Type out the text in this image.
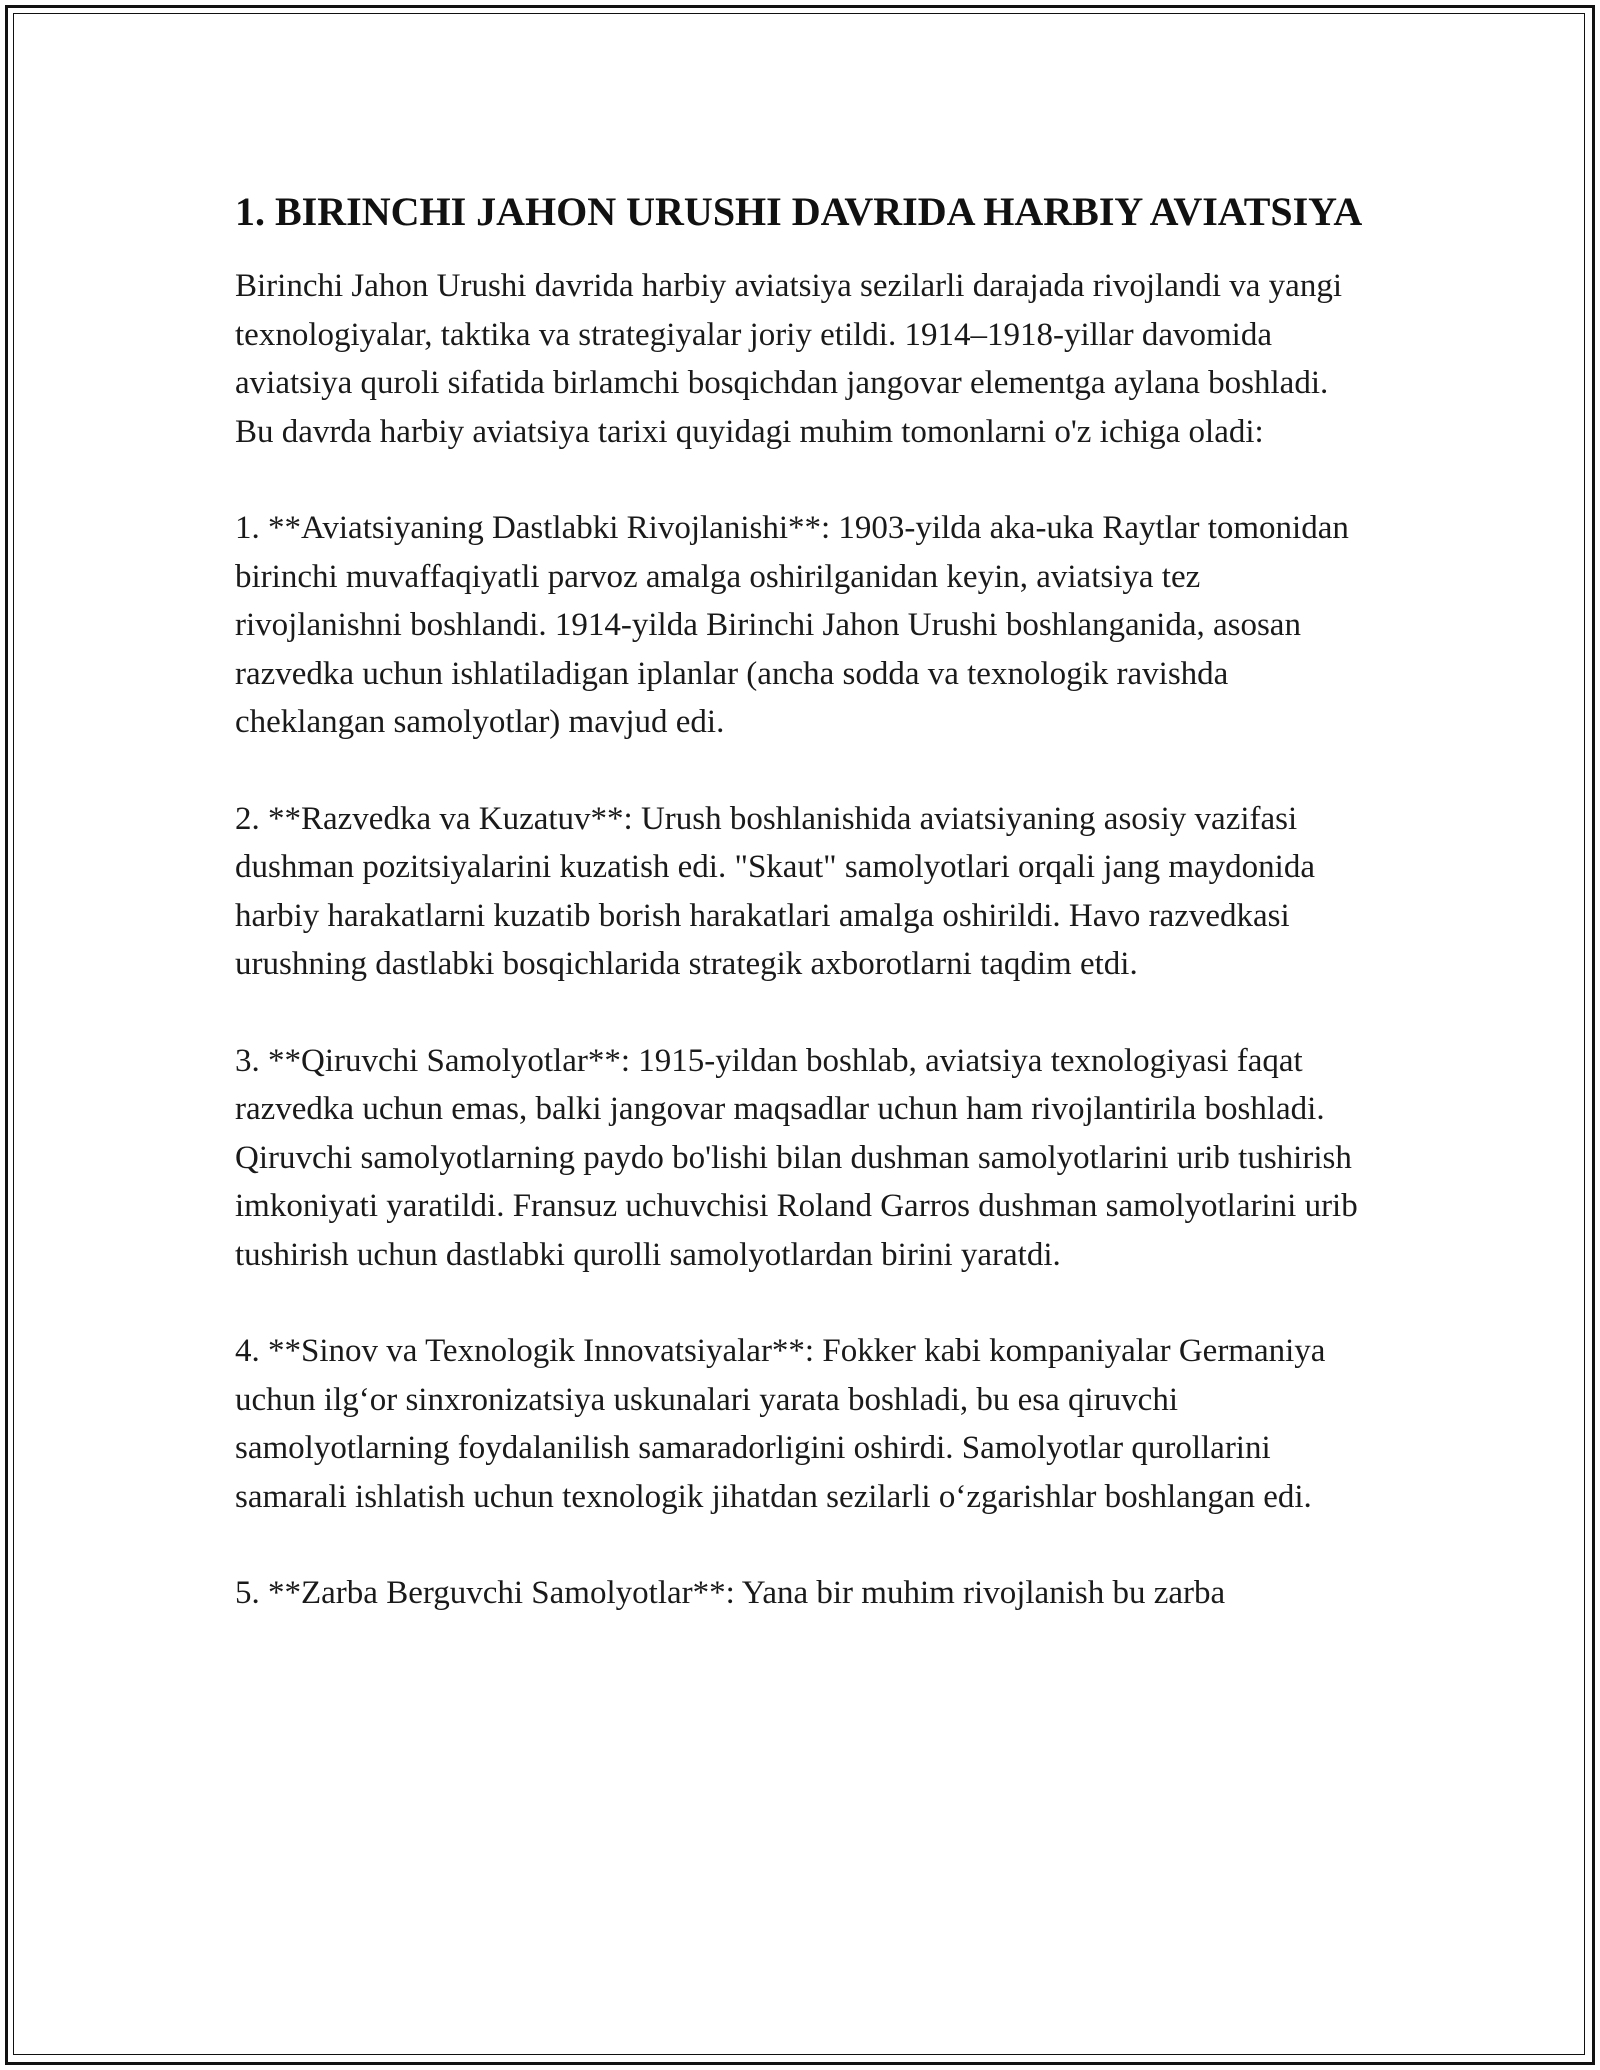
1. BIRINCHI JAHON URUSHI DAVRIDA HARBIY AVIATSIYA

Birinchi Jahon Urushi davrida harbiy aviatsiya sezilarli darajada rivojlandi va yangi texnologiyalar, taktika va strategiyalar joriy etildi. 1914–1918-yillar davomida aviatsiya quroli sifatida birlamchi bosqichdan jangovar elementga aylana boshladi. Bu davrda harbiy aviatsiya tarixi quyidagi muhim tomonlarni o'z ichiga oladi:

1. **Aviatsiyaning Dastlabki Rivojlanishi**: 1903-yilda aka-uka Raytlar tomonidan birinchi muvaffaqiyatli parvoz amalga oshirilganidan keyin, aviatsiya tez rivojlanishni boshlandi. 1914-yilda Birinchi Jahon Urushi boshlanganida, asosan razvedka uchun ishlatiladigan iplanlar (ancha sodda va texnologik ravishda cheklangan samolyotlar) mavjud edi.

2. **Razvedka va Kuzatuv**: Urush boshlanishida aviatsiyaning asosiy vazifasi dushman pozitsiyalarini kuzatish edi. "Skaut" samolyotlari orqali jang maydonida harbiy harakatlarni kuzatib borish harakatlari amalga oshirildi. Havo razvedkasi urushning dastlabki bosqichlarida strategik axborotlarni taqdim etdi.

3. **Qiruvchi Samolyotlar**: 1915-yildan boshlab, aviatsiya texnologiyasi faqat razvedka uchun emas, balki jangovar maqsadlar uchun ham rivojlantirila boshladi. Qiruvchi samolyotlarning paydo bo'lishi bilan dushman samolyotlarini urib tushirish imkoniyati yaratildi. Fransuz uchuvchisi Roland Garros dushman samolyotlarini urib tushirish uchun dastlabki qurolli samolyotlardan birini yaratdi.

4. **Sinov va Texnologik Innovatsiyalar**: Fokker kabi kompaniyalar Germaniya uchun ilg‘or sinxronizatsiya uskunalari yarata boshladi, bu esa qiruvchi samolyotlarning foydalanilish samaradorligini oshirdi. Samolyotlar qurollarini samarali ishlatish uchun texnologik jihatdan sezilarli o‘zgarishlar boshlangan edi.

5. **Zarba Berguvchi Samolyotlar**: Yana bir muhim rivojlanish bu zarba
